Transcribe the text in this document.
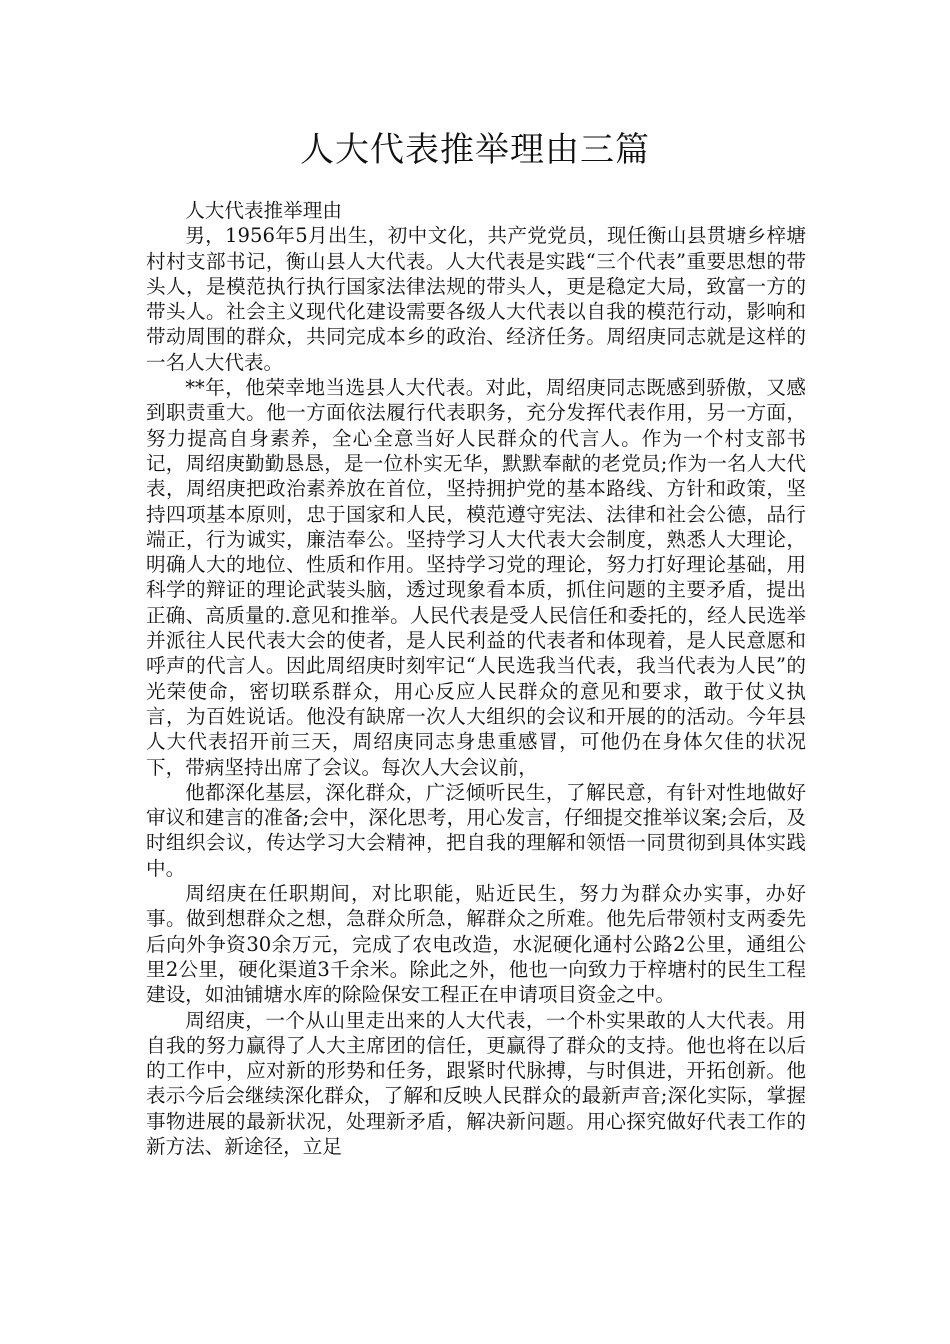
人大代表推举理由三篇

人大代表推举理由

男，1956年5月出生，初中文化，共产党党员，现任衡山县贯塘乡梓塘村村支部书记，衡山县人大代表。人大代表是实践“三个代表”重要思想的带头人，是模范执行执行国家法律法规的带头人，更是稳定大局，致富一方的带头人。社会主义现代化建设需要各级人大代表以自我的模范行动，影响和带动周围的群众，共同完成本乡的政治、经济任务。周绍庚同志就是这样的一名人大代表。

**年，他荣幸地当选县人大代表。对此，周绍庚同志既感到骄傲，又感到职责重大。他一方面依法履行代表职务，充分发挥代表作用，另一方面，努力提高自身素养，全心全意当好人民群众的代言人。作为一个村支部书记，周绍庚勤勤恳恳，是一位朴实无华，默默奉献的老党员;作为一名人大代表，周绍庚把政治素养放在首位，坚持拥护党的基本路线、方针和政策，坚持四项基本原则，忠于国家和人民，模范遵守宪法、法律和社会公德，品行端正，行为诚实，廉洁奉公。坚持学习人大代表大会制度，熟悉人大理论，明确人大的地位、性质和作用。坚持学习党的理论，努力打好理论基础，用科学的辩证的理论武装头脑，透过现象看本质，抓住问题的主要矛盾，提出正确、高质量的.意见和推举。人民代表是受人民信任和委托的，经人民选举并派往人民代表大会的使者，是人民利益的代表者和体现着，是人民意愿和呼声的代言人。因此周绍庚时刻牢记“人民选我当代表，我当代表为人民”的光荣使命，密切联系群众，用心反应人民群众的意见和要求，敢于仗义执言，为百姓说话。他没有缺席一次人大组织的会议和开展的的活动。今年县人大代表招开前三天，周绍庚同志身患重感冒，可他仍在身体欠佳的状况下，带病坚持出席了会议。每次人大会议前，

他都深化基层，深化群众，广泛倾听民生，了解民意，有针对性地做好审议和建言的准备;会中，深化思考，用心发言，仔细提交推举议案;会后，及时组织会议，传达学习大会精神，把自我的理解和领悟一同贯彻到具体实践中。

周绍庚在任职期间，对比职能，贴近民生，努力为群众办实事，办好事。做到想群众之想，急群众所急，解群众之所难。他先后带领村支两委先后向外争资30余万元，完成了农电改造，水泥硬化通村公路2公里，通组公里2公里，硬化渠道3千余米。除此之外，他也一向致力于梓塘村的民生工程建设，如油铺塘水库的除险保安工程正在申请项目资金之中。

周绍庚，一个从山里走出来的人大代表，一个朴实果敢的人大代表。用自我的努力赢得了人大主席团的信任，更赢得了群众的支持。他也将在以后的工作中，应对新的形势和任务，跟紧时代脉搏，与时俱进，开拓创新。他表示今后会继续深化群众，了解和反映人民群众的最新声音;深化实际，掌握事物进展的最新状况，处理新矛盾，解决新问题。用心探究做好代表工作的新方法、新途径，立足
